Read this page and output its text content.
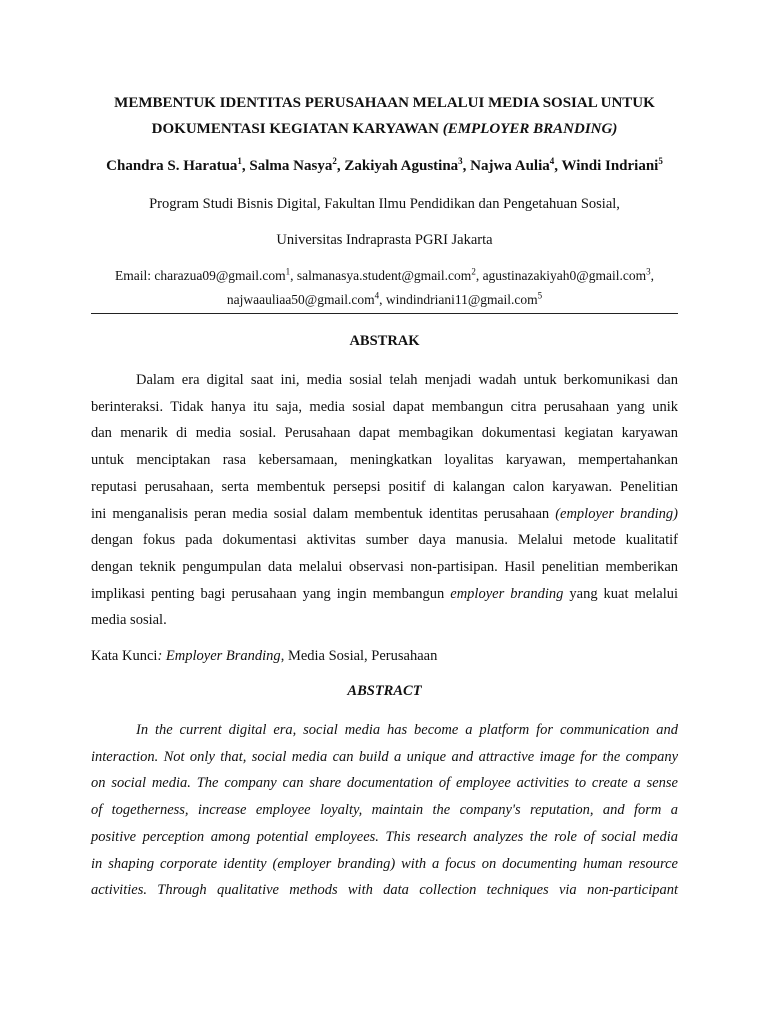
MEMBENTUK IDENTITAS PERUSAHAAN MELALUI MEDIA SOSIAL UNTUK
DOKUMENTASI KEGIATAN KARYAWAN (EMPLOYER BRANDING)
Chandra S. Haratua$^1$, Salma Nasya$^2$, Zakiyah Agustina$^3$, Najwa Aulia$^4$, Windi Indriani$^5$
Program Studi Bisnis Digital, Fakultan Ilmu Pendidikan dan Pengetahuan Sosial,
Universitas Indraprasta PGRI Jakarta
Email: charazua09@gmail.com$^1$, salmanasya.student@gmail.com$^2$, agustinazakiyah0@gmail.com$^3$,
najwaauliaa50@gmail.com$^4$, windindriani11@gmail.com$^5$
ABSTRAK
Dalam era digital saat ini, media sosial telah menjadi wadah untuk berkomunikasi dan
berinteraksi. Tidak hanya itu saja, media sosial dapat membangun citra perusahaan yang unik
dan menarik di media sosial. Perusahaan dapat membagikan dokumentasi kegiatan karyawan
untuk menciptakan rasa kebersamaan, meningkatkan loyalitas karyawan, mempertahankan
reputasi perusahaan, serta membentuk persepsi positif di kalangan calon karyawan. Penelitian
ini menganalisis peran media sosial dalam membentuk identitas perusahaan (employer branding)
dengan fokus pada dokumentasi aktivitas sumber daya manusia. Melalui metode kualitatif
dengan teknik pengumpulan data melalui observasi non-partisipan. Hasil penelitian memberikan
implikasi penting bagi perusahaan yang ingin membangun employer branding yang kuat melalui
media sosial.
Kata Kunci: Employer Branding, Media Sosial, Perusahaan
ABSTRACT
In the current digital era, social media has become a platform for communication and
interaction. Not only that, social media can build a unique and attractive image for the company
on social media. The company can share documentation of employee activities to create a sense
of togetherness, increase employee loyalty, maintain the company's reputation, and form a
positive perception among potential employees. This research analyzes the role of social media
in shaping corporate identity (employer branding) with a focus on documenting human resource
activities. Through qualitative methods with data collection techniques via non-participant
